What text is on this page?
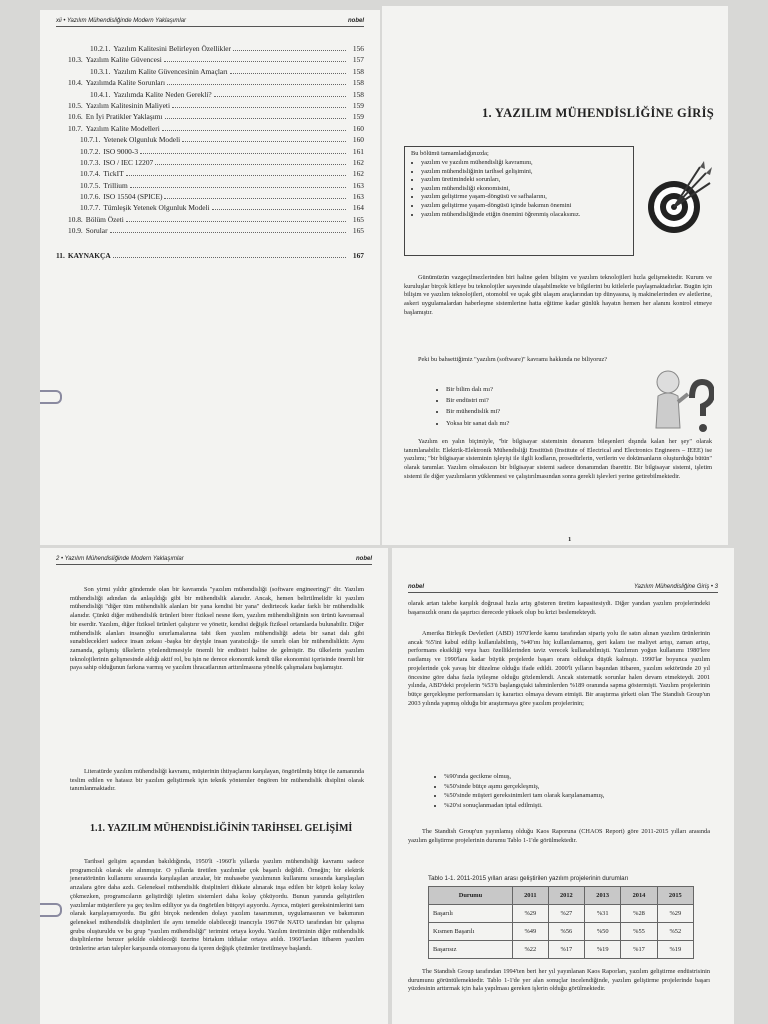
xii • Yazılım Mühendisliğinde Modern Yaklaşımlar	nobel
10.2.1. Yazılım Kalitesini Belirleyen Özellikler	156
10.3. Yazılım Kalite Güvencesi	157
10.3.1. Yazılım Kalite Güvencesinin Amaçları	158
10.4. Yazılımda Kalite Sorunları	158
10.4.1. Yazılımda Kalite Neden Gerekli?	158
10.5. Yazılım Kalitesinin Maliyeti	159
10.6. En İyi Pratikler Yaklaşımı	159
10.7. Yazılım Kalite Modelleri	160
10.7.1. Yetenek Olgunluk Modeli	160
10.7.2. ISO 9000-3	161
10.7.3. ISO / IEC 12207	162
10.7.4. TickIT	162
10.7.5. Trillium	163
10.7.6. ISO 15504 (SPICE)	163
10.7.7. Tümleşik Yetenek Olgunluk Modeli	164
10.8. Bölüm Özeti	165
10.9. Sorular	165
11. KAYNAKÇA	167
1. YAZILIM MÜHENDİSLİĞİNE GİRİŞ
Bu bölümü tamamladığınızda;
• yazılım ve yazılım mühendisliği kavramını,
• yazılım mühendisliğinin tarihsel gelişimini,
• yazılım üretimindeki sorunları,
• yazılım mühendisliği ekonomisini,
• yazılım geliştirme yaşam-döngüsü ve safhalarını,
• yazılım geliştirme yaşam-döngüsü içinde bakımın önemini
• yazılım mühendisliğinde etiğin önemini öğrenmiş olacaksınız.
Günümüzün vazgeçilmezlerinden biri haline gelen bilişim ve yazılım teknolojileri hızla gelişmektedir. Kurum ve kuruluşlar birçok kitleye bu teknolojiler sayesinde ulaşabilmekte ve bilgilerini bu kitlelerle paylaşmaktadırlar. Bugün için bilişim ve yazılım teknolojileri, otomobil ve uçak gibi ulaşım araçlarından tıp dünyasına, iş makinelerinden ev aletlerine, askeri uygulamalardan haberleşme sistemlerine hatta eğitime kadar günlük hayatın hemen her alanını kontrol etmeye başlamıştır.
Peki bu bahsettiğimiz "yazılım (software)" kavramı hakkında ne biliyoruz?
• Bir bilim dalı mı?
• Bir endüstri mi?
• Bir mühendislik mi?
• Yoksa bir sanat dalı mı?
Yazılım en yalın biçimiyle, "bir bilgisayar sisteminin donanım bileşenleri dışında kalan her şey" olarak tanımlanabilir. Elektrik-Elektronik Mühendisliği Enstitüsü (Institute of Electrical and Electronics Engineers – IEEE) ise yazılımı; "bir bilgisayar sisteminin işleyişi ile ilgili kodların, prosedürlerin, verilerin ve dokümanların oluşturduğu bütün" olarak tanımlar. Yazılım olmaksızın bir bilgisayar sistemi sadece donanımdan ibarettir. Bir bilgisayar sistemi, işletim sistemi ile diğer yazılımların yüklenmesi ve çalıştırılmasından sonra gerekli işlevleri yerine getirebilmektedir.
1
2 • Yazılım Mühendisliğinde Modern Yaklaşımlar	nobel
Son yirmi yıldır gündemde olan bir kavramda "yazılım mühendisliği (software engineering)" dir. Yazılım mühendisliği adından da anlaşıldığı gibi bir mühendislik alanıdır. Ancak, hemen belirtilmelidir ki yazılım mühendisliği "diğer tüm mühendislik alanları bir yana kendisi bir yana" dedirtecek kadar farklı bir mühendislik alanıdır. Çünkü diğer mühendislik ürünleri birer fiziksel nesne iken, yazılım mühendisliğinin son ürünü kavramsal bir eserdir. Yazılım, diğer fiziksel ürünleri çalıştırır ve yönetir, kendisi değişik fiziksel ortamlarda bulunabilir. Diğer mühendislik alanları insanoğlu sınırlamalarına tabi iken yazılım mühendisliği adeta bir sanat dalı gibi sunabilecekleri sadece insan zekası -başka bir deyişle insan yaratıcılığı- ile sınırlı olan bir mühendisliktir. Aynı zamanda, gelişmiş ülkelerin yönlendirmesiyle önemli bir endüstri haline de gelmiştir. Bu ülkelerin yazılım teknolojilerinin gelişmesinde aldığı aktif rol, bu işin ne derece ekonomik kendi ülke ekonomisi içerisinde önemli bir paya sahip olduğunun farkına varmış ve yazılım ihracatlarının arttırılmasına yönelik çalışmalara başlamıştır.
Literatürde yazılım mühendisliği kavramı, müşterinin ihtiyaçlarını karşılayan, öngörülmüş bütçe ile zamanında teslim edilen ve hatasız bir yazılım geliştirmek için teknik yöntemler öngören bir mühendislik disiplini olarak tanımlanmaktadır.
1.1. YAZILIM MÜHENDİSLİĞİNİN TARİHSEL GELİŞİMİ
Tarihsel gelişim açısından bakıldığında, 1950'li -1960'lı yıllarda yazılım mühendisliği kavramı sadece programcılık olarak ele alınmıştır. O yıllarda üretilen yazılımlar çok başarılı değildi. Örneğin; bir elektrik jeneratörünün kullanımı sırasında karşılaşılan arızalar, bir muhasebe yazılımının kullanımı sırasında karşılaşılan arızalara göre daha azdı. Geleneksel mühendislik disiplinleri dikkate alınarak inşa edilen bir köprü kolay kolay çökmezken, programcıların geliştirdiği işletim sistemleri daha kolay çöküyordu. Bunun yanında geliştirilen yazılımlar müşterilere ya geç teslim ediliyor ya da öngörülen bütçeyi aşıyordu. Ayrıca, müşteri gereksinimlerini tam olarak karşılayamıyordu. Bu gibi birçok nedenden dolayı yazılım tasarımının, uygulamasının ve bakımının geleneksel mühendislik disiplinleri ile aynı temelde olabileceği inancıyla 1967'de NATO tarafından bir çalışma grubu oluşturuldu ve bu grup "yazılım mühendisliği" terimini ortaya koydu. Yazılım üretiminin diğer mühendislik disiplinlerine benzer şekilde olabileceği üzerine birtakım iddialar ortaya atıldı. 1960'lardan itibaren yazılım ürünlerine artan talepler karşısında otomasyonu da içeren değişik çözümler üretilmeye başlandı.
nobel	Yazılım Mühendisliğine Giriş • 3
olarak artan talebe karşılık doğrusal hızla artış gösteren üretim kapasitesiydi. Diğer yandan yazılım projelerindeki başarısızlık oranı da şaşırtıcı derecede yüksek olup bu krizi beslemekteydi.
Amerika Birleşik Devletleri (ABD) 1970'lerde kamu tarafından sipariş yolu ile satın alınan yazılım ürünlerinin ancak %5'ini kabul edilip kullanılabilmiş, %40'ını hiç kullanılamamış, geri kalanı ise maliyet artışı, zaman artışı, performans eksikliği veya hazı özelliklerinden taviz verecek kullanabilmişti. Yazılımın yoğun kullanımı 1980'lere rastlamış ve 1990'lara kadar büyük projelerde başarı oranı oldukça düşük kalmıştı. 1990'lar boyunca yazılım projelerinde çok yavaş bir düzelme olduğu ifade edildi. 2000'li yılların başından itibaren, yazılım sektöründe 20 yıl öncesine göre daha fazla iyileşme olduğu gözlemlendi. Ancak sistematik sorunlar halen devam etmekteydi. 2001 yılında, ABD'deki projelerin %53'ü başlangıçtaki tahminlerden %189 oranında sapma göstermişti. Yazılım projelerinin bütçe gerçekleşme performansları iç karartıcı olmaya devam etmişti. Bir araştırma şirketi olan The Standish Group'un 2003 yılında yapmış olduğu bir araştırmaya göre yazılım projelerinin;
• %90'ında gecikme olmuş,
• %50'sinde bütçe aşımı gerçekleşmiş,
• %50'sinde müşteri gereksinimleri tam olarak karşılanamamış,
• %20'si sonuçlanmadan iptal edilmişti.
The Standish Group'un yayınlamış olduğu Kaos Raporuna (CHAOS Report) göre 2011-2015 yılları arasında yazılım geliştirme projelerinin durumu Tablo 1-1'de görülmektedir.
Tablo 1-1. 2011-2015 yılları arası geliştirilen yazılım projelerinin durumları
Durumu	2011	2012	2013	2014	2015
Başarılı	%29	%27	%31	%28	%29
Kısmen Başarılı	%49	%56	%50	%55	%52
Başarısız	%22	%17	%19	%17	%19
The Standish Group tarafından 1994'ten beri her yıl yayınlanan Kaos Raporları, yazılım geliştirme endüstrisinin durumunu görüntülemektedir. Tablo 1-1'de yer alan sonuçlar incelendiğinde, yazılım geliştirme projelerinde başarı yüzdesinin arttırmak için hala yapılması gereken işlerin olduğu görülmektedir.
